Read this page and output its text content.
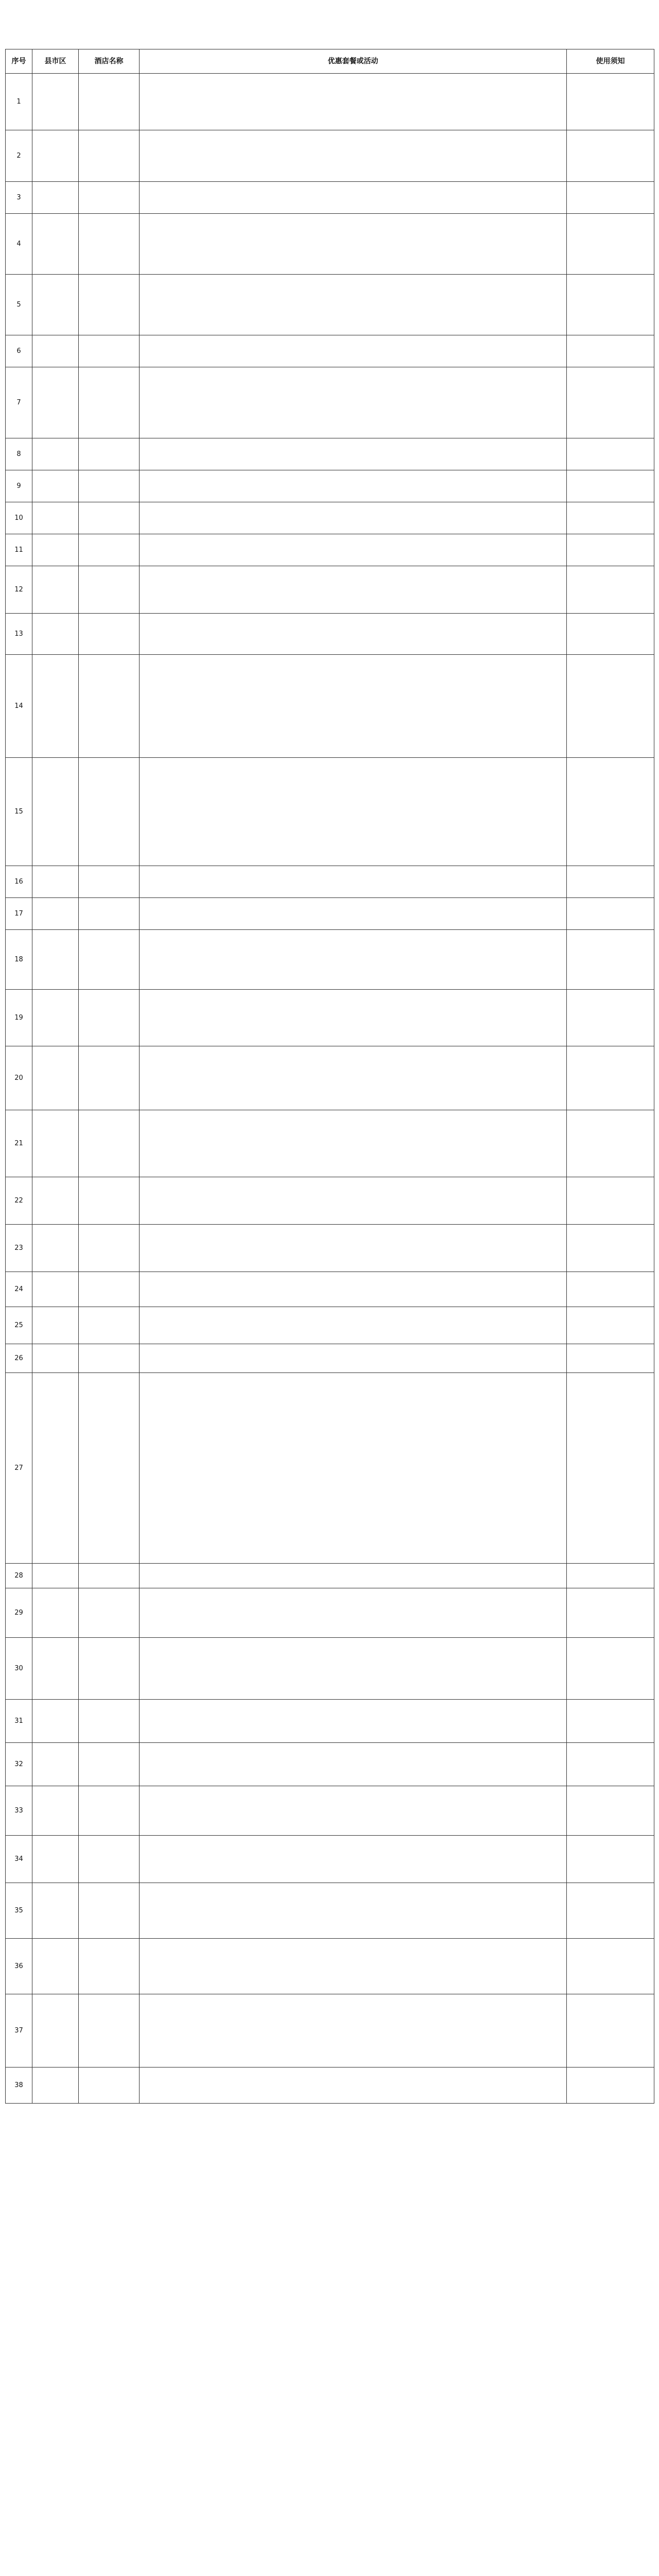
序号	县市区	酒店名称	优惠套餐或活动	使用须知
1				
2				
3				
4				
5				
6				
7				
8				
9				
10				
11				
12				
13				
14				
15				
16				
17				
18				
19				
20				
21				
22				
23				
24				
25				
26				
27				
28				
29				
30				
31				
32				
33				
34				
35				
36				
37				
38				
